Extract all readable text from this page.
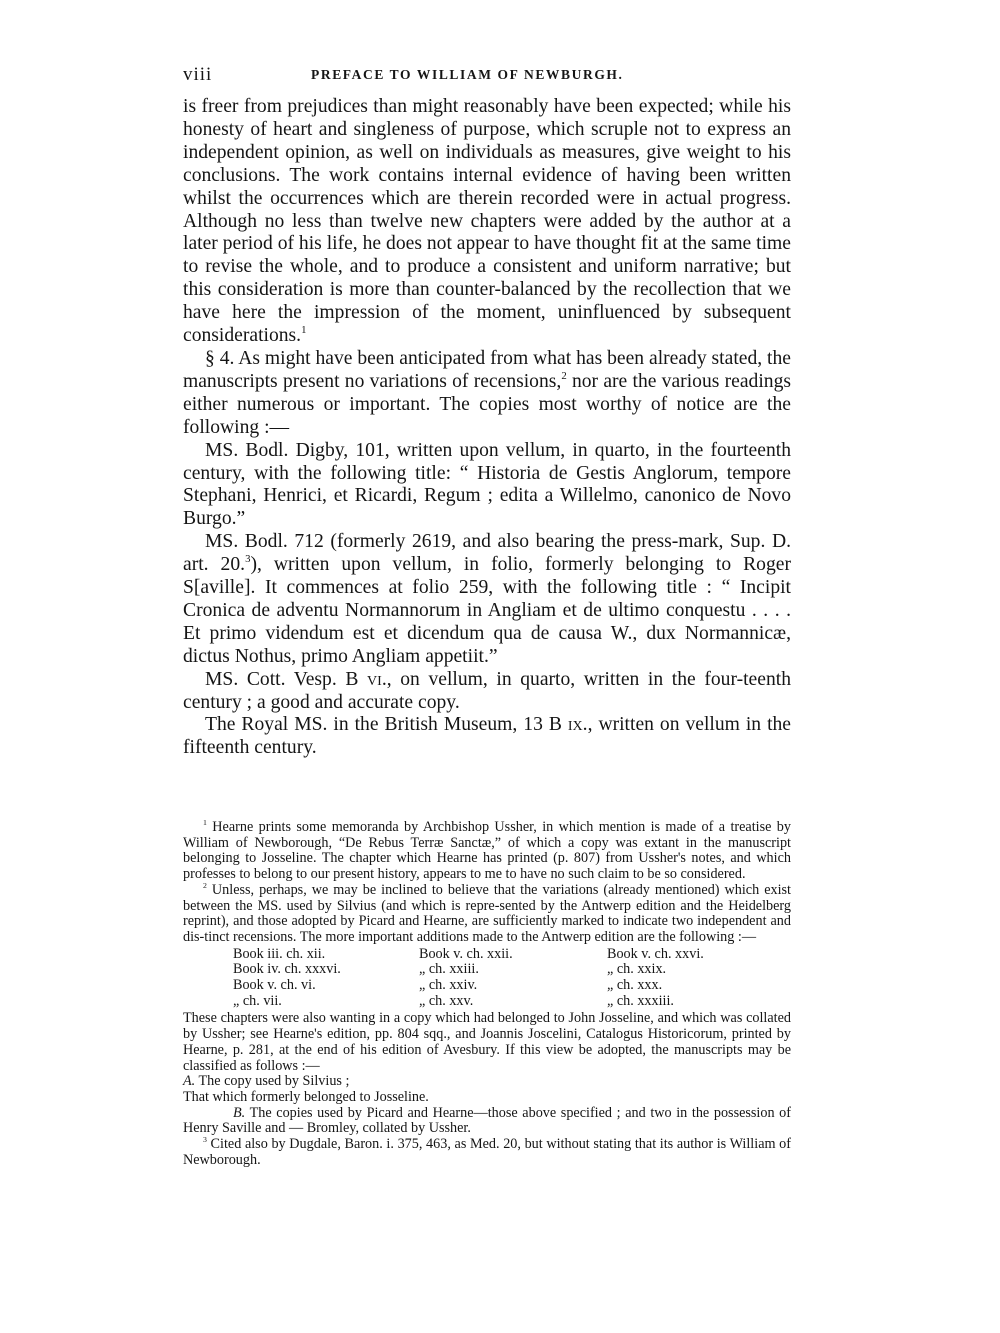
viii	PREFACE TO WILLIAM OF NEWBURGH.

is freer from prejudices than might reasonably have been expected; while his honesty of heart and singleness of purpose, which scruple not to express an independent opinion, as well on individuals as measures, give weight to his conclusions. The work contains internal evidence of having been written whilst the occurrences which are therein recorded were in actual progress. Although no less than twelve new chapters were added by the author at a later period of his life, he does not appear to have thought fit at the same time to revise the whole, and to produce a consistent and uniform narrative; but this consideration is more than counter-balanced by the recollection that we have here the impression of the moment, uninfluenced by subsequent considerations.$^1$

§ 4. As might have been anticipated from what has been already stated, the manuscripts present no variations of recensions,$^2$ nor are the various readings either numerous or important. The copies most worthy of notice are the following :—

MS. Bodl. Digby, 101, written upon vellum, in quarto, in the fourteenth century, with the following title: “ Historia de Gestis Anglorum, tempore Stephani, Henrici, et Ricardi, Regum ; edita a Willelmo, canonico de Novo Burgo.”

MS. Bodl. 712 (formerly 2619, and also bearing the press-mark, Sup. D. art. 20.$^3$), written upon vellum, in folio, formerly belonging to Roger S[aville]. It commences at folio 259, with the following title : “ Incipit Cronica de adventu Normannorum in Angliam et de ultimo conquestu . . . . Et primo videndum est et dicendum qua de causa W., dux Normannicæ, dictus Nothus, primo Angliam appetiit.”

MS. Cott. Vesp. B vi., on vellum, in quarto, written in the four-teenth century ; a good and accurate copy.

The Royal MS. in the British Museum, 13 B ix., written on vellum in the fifteenth century.

$^1$ Hearne prints some memoranda by Archbishop Ussher, in which mention is made of a treatise by William of Newborough, “De Rebus Terræ Sanctæ,” of which a copy was extant in the manuscript belonging to Josseline. The chapter which Hearne has printed (p. 807) from Ussher's notes, and which professes to belong to our present history, appears to me to have no such claim to be so considered.

$^2$ Unless, perhaps, we may be inclined to believe that the variations (already mentioned) which exist between the MS. used by Silvius (and which is repre-sented by the Antwerp edition and the Heidelberg reprint), and those adopted by Picard and Hearne, are sufficiently marked to indicate two independent and dis-tinct recensions. The more important additions made to the Antwerp edition are the following :—

Book iii. ch. xii.	Book v. ch. xxii.	Book v. ch. xxvi.
Book iv. ch. xxxvi.	„ ch. xxiii.	„ ch. xxix.
Book v. ch. vi.	„ ch. xxiv.	„ ch. xxx.
„ ch. vii.	„ ch. xxv.	„ ch. xxxiii.

These chapters were also wanting in a copy which had belonged to John Josseline, and which was collated by Ussher; see Hearne's edition, pp. 804 sqq., and Joannis Joscelini, Catalogus Historicorum, printed by Hearne, p. 281, at the end of his edition of Avesbury. If this view be adopted, the manuscripts may be classified as follows :—

A. The copy used by Silvius ;

That which formerly belonged to Josseline.

B. The copies used by Picard and Hearne—those above specified ; and two in the possession of Henry Saville and — Bromley, collated by Ussher.

$^3$ Cited also by Dugdale, Baron. i. 375, 463, as Med. 20, but without stating that its author is William of Newborough.
